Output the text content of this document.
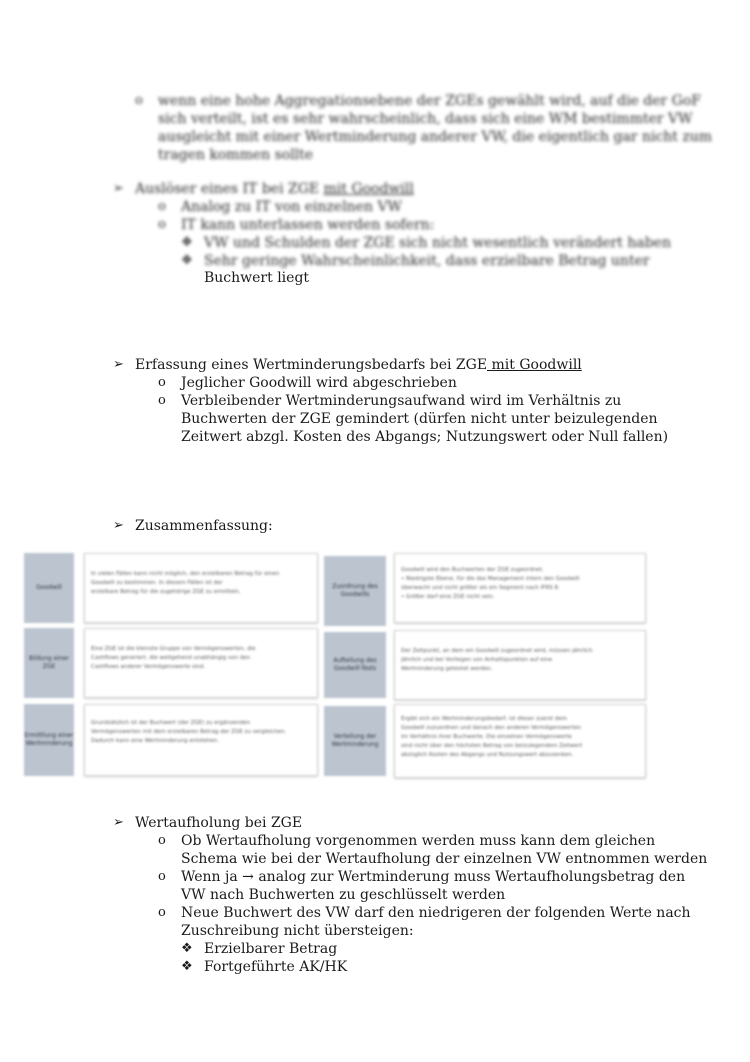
o wenn eine hohe Aggregationsebene der ZGEs gewählt wird, auf die der GoF
sich verteilt, ist es sehr wahrscheinlich, dass sich eine WM bestimmter VW
ausgleicht mit einer Wertminderung anderer VW, die eigentlich gar nicht zum
tragen kommen sollte
➢ Auslöser eines IT bei ZGE mit Goodwill
o Analog zu IT von einzelnen VW
o IT kann unterlassen werden sofern:
❖ VW und Schulden der ZGE sich nicht wesentlich verändert haben
❖ Sehr geringe Wahrscheinlichkeit, dass erzielbare Betrag unter
Buchwert liegt
➢ Erfassung eines Wertminderungsbedarfs bei ZGE mit Goodwill
o Jeglicher Goodwill wird abgeschrieben
o Verbleibender Wertminderungsaufwand wird im Verhältnis zu
Buchwerten der ZGE gemindert (dürfen nicht unter beizulegenden
Zeitwert abzgl. Kosten des Abgangs; Nutzungswert oder Null fallen)
➢ Zusammenfassung:
Goodwill
In vielen Fällen kann nicht möglich, den erzielbaren Betrag für einen
Goodwill zu bestimmen. In diesem Fällen ist der
erzielbare Betrag für die zugehörige ZGE zu ermitteln.
Bildung einer ZGE
Eine ZGE ist die kleinste Gruppe von Vermögenswerten, die
Cashflows generiert, die weitgehend unabhängig von den
Cashflows anderer Vermögenswerte sind.
Ermittlung einer Wertminderung
Grundsätzlich ist der Buchwert (der ZGE) zu ergänzenden
Vermögenswerten mit dem erzielbaren Betrag der ZGE zu vergleichen.
Dadurch kann eine Wertminderung entstehen.
Zuordnung des Goodwills
Goodwill wird den Buchwerten der ZGE zugeordnet.
• Niedrigste Ebene, für die das Management intern den Goodwill
überwacht und nicht größer als ein Segment nach IFRS 8.
• Größer darf eine ZGE nicht sein.
Aufteilung des Goodwill-Tests
Der Zeitpunkt, an dem ein Goodwill zugeordnet wird, müssen jährlich
jährlich und bei Vorliegen von Anhaltspunkten auf eine
Wertminderung getestet werden.
Verteilung der Wertminderung
Ergibt sich ein Wertminderungsbedarf, ist dieser zuerst dem
Goodwill zuzuordnen und danach den anderen Vermögenswerten
im Verhältnis ihrer Buchwerte. Die einzelnen Vermögenswerte
sind nicht über den höchsten Betrag von beizulegendem Zeitwert
abzüglich Kosten des Abgangs und Nutzungswert abzusenken.
➢ Wertaufholung bei ZGE
o Ob Wertaufholung vorgenommen werden muss kann dem gleichen
Schema wie bei der Wertaufholung der einzelnen VW entnommen werden
o Wenn ja → analog zur Wertminderung muss Wertaufholungsbetrag den
VW nach Buchwerten zu geschlüsselt werden
o Neue Buchwert des VW darf den niedrigeren der folgenden Werte nach
Zuschreibung nicht übersteigen:
❖ Erzielbarer Betrag
❖ Fortgeführte AK/HK
